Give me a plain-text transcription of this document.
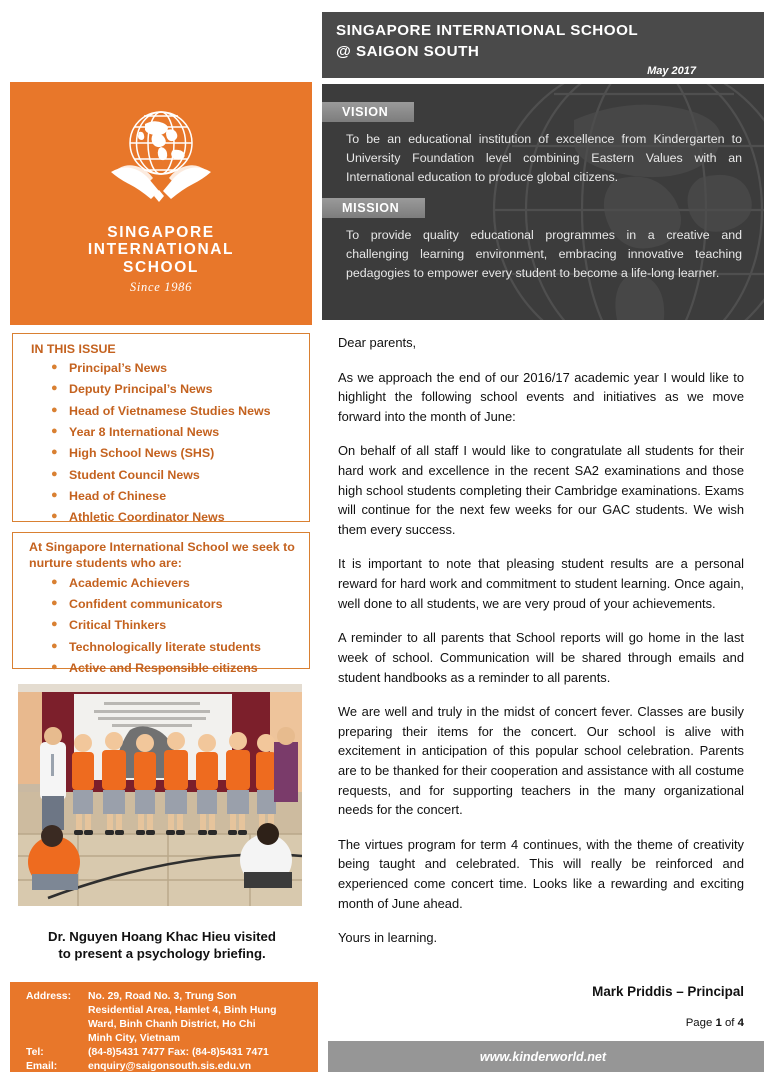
SINGAPORE
INTERNATIONAL
SCHOOL
Since 1986
IN THIS ISSUE
● Principal’s News
● Deputy Principal’s News
● Head of Vietnamese Studies News
● Year 8 International News
● High School News (SHS)
● Student Council News
● Head of Chinese
● Athletic Coordinator News
At Singapore International School we seek to nurture students who are:
● Academic Achievers
● Confident communicators
● Critical Thinkers
● Technologically literate students
● Active and Responsible citizens
Dr. Nguyen Hoang Khac Hieu visited
to present a psychology briefing.
Address:	No. 29, Road No. 3, Trung Son
Residential Area, Hamlet 4, Binh Hung
Ward, Binh Chanh District, Ho Chi
Minh City, Vietnam
Tel:	(84-8)5431 7477 Fax: (84-8)5431 7471
Email:	enquiry@saigonsouth.sis.edu.vn
SINGAPORE INTERNATIONAL SCHOOL
@ SAIGON SOUTH
May 2017
VISION
To be an educational institution of excellence from Kindergarten to University Foundation level combining Eastern Values with an International education to produce global citizens.
MISSION
To provide quality educational programmes in a creative and challenging learning environment, embracing innovative teaching pedagogies to empower every student to become a life-long learner.

Dear parents,

As we approach the end of our 2016/17 academic year I would like to highlight the following school events and initiatives as we move forward into the month of June:

On behalf of all staff I would like to congratulate all students for their hard work and excellence in the recent SA2 examinations and those high school students completing their Cambridge examinations. Exams will continue for the next few weeks for our GAC students. We wish them every success.

It is important to note that pleasing student results are a personal reward for hard work and commitment to student learning. Once again, well done to all students, we are very proud of your achievements.

A reminder to all parents that School reports will go home in the last week of school. Communication will be shared through emails and student handbooks as a reminder to all parents.

We are well and truly in the midst of concert fever. Classes are busily preparing their items for the concert. Our school is alive with excitement in anticipation of this popular school celebration. Parents are to be thanked for their cooperation and assistance with all costume requests, and for supporting teachers in the many organizational needs for the concert.

The virtues program for term 4 continues, with the theme of creativity being taught and celebrated. This will really be reinforced and experienced come concert time. Looks like a rewarding and exciting month of June ahead.

Yours in learning.

Mark Priddis – Principal
Page 1 of 4
www.kinderworld.net
